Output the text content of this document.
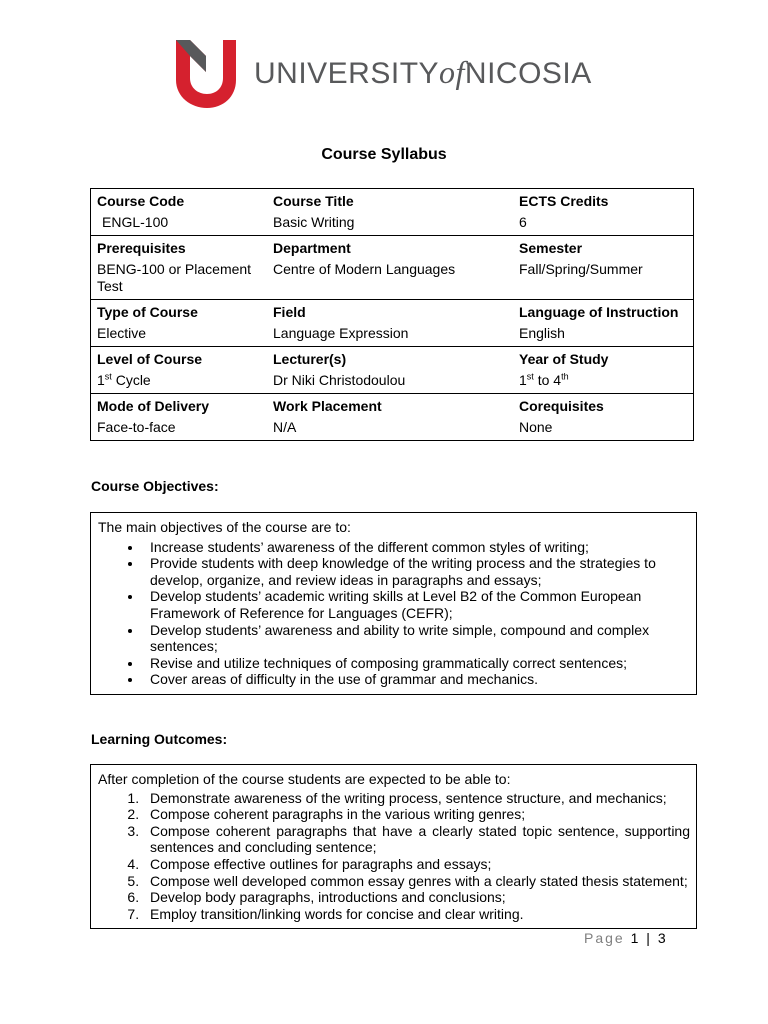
UNIVERSITYofNICOSIA
Course Syllabus
Course Code	Course Title	ECTS Credits
ENGL-100	Basic Writing	6
Prerequisites	Department	Semester
BENG-100 or Placement Test	Centre of Modern Languages	Fall/Spring/Summer
Type of Course	Field	Language of Instruction
Elective	Language Expression	English
Level of Course	Lecturer(s)	Year of Study
1st Cycle	Dr Niki Christodoulou	1st to 4th
Mode of Delivery	Work Placement	Corequisites
Face-to-face	N/A	None
Course Objectives:
The main objectives of the course are to:
• Increase students’ awareness of the different common styles of writing;
• Provide students with deep knowledge of the writing process and the strategies to develop, organize, and review ideas in paragraphs and essays;
• Develop students’ academic writing skills at Level B2 of the Common European Framework of Reference for Languages (CEFR);
• Develop students’ awareness and ability to write simple, compound and complex sentences;
• Revise and utilize techniques of composing grammatically correct sentences;
• Cover areas of difficulty in the use of grammar and mechanics.
Learning Outcomes:
After completion of the course students are expected to be able to:
1. Demonstrate awareness of the writing process, sentence structure, and mechanics;
2. Compose coherent paragraphs in the various writing genres;
3. Compose coherent paragraphs that have a clearly stated topic sentence, supporting sentences and concluding sentence;
4. Compose effective outlines for paragraphs and essays;
5. Compose well developed common essay genres with a clearly stated thesis statement;
6. Develop body paragraphs, introductions and conclusions;
7. Employ transition/linking words for concise and clear writing.
Page 1 | 3
